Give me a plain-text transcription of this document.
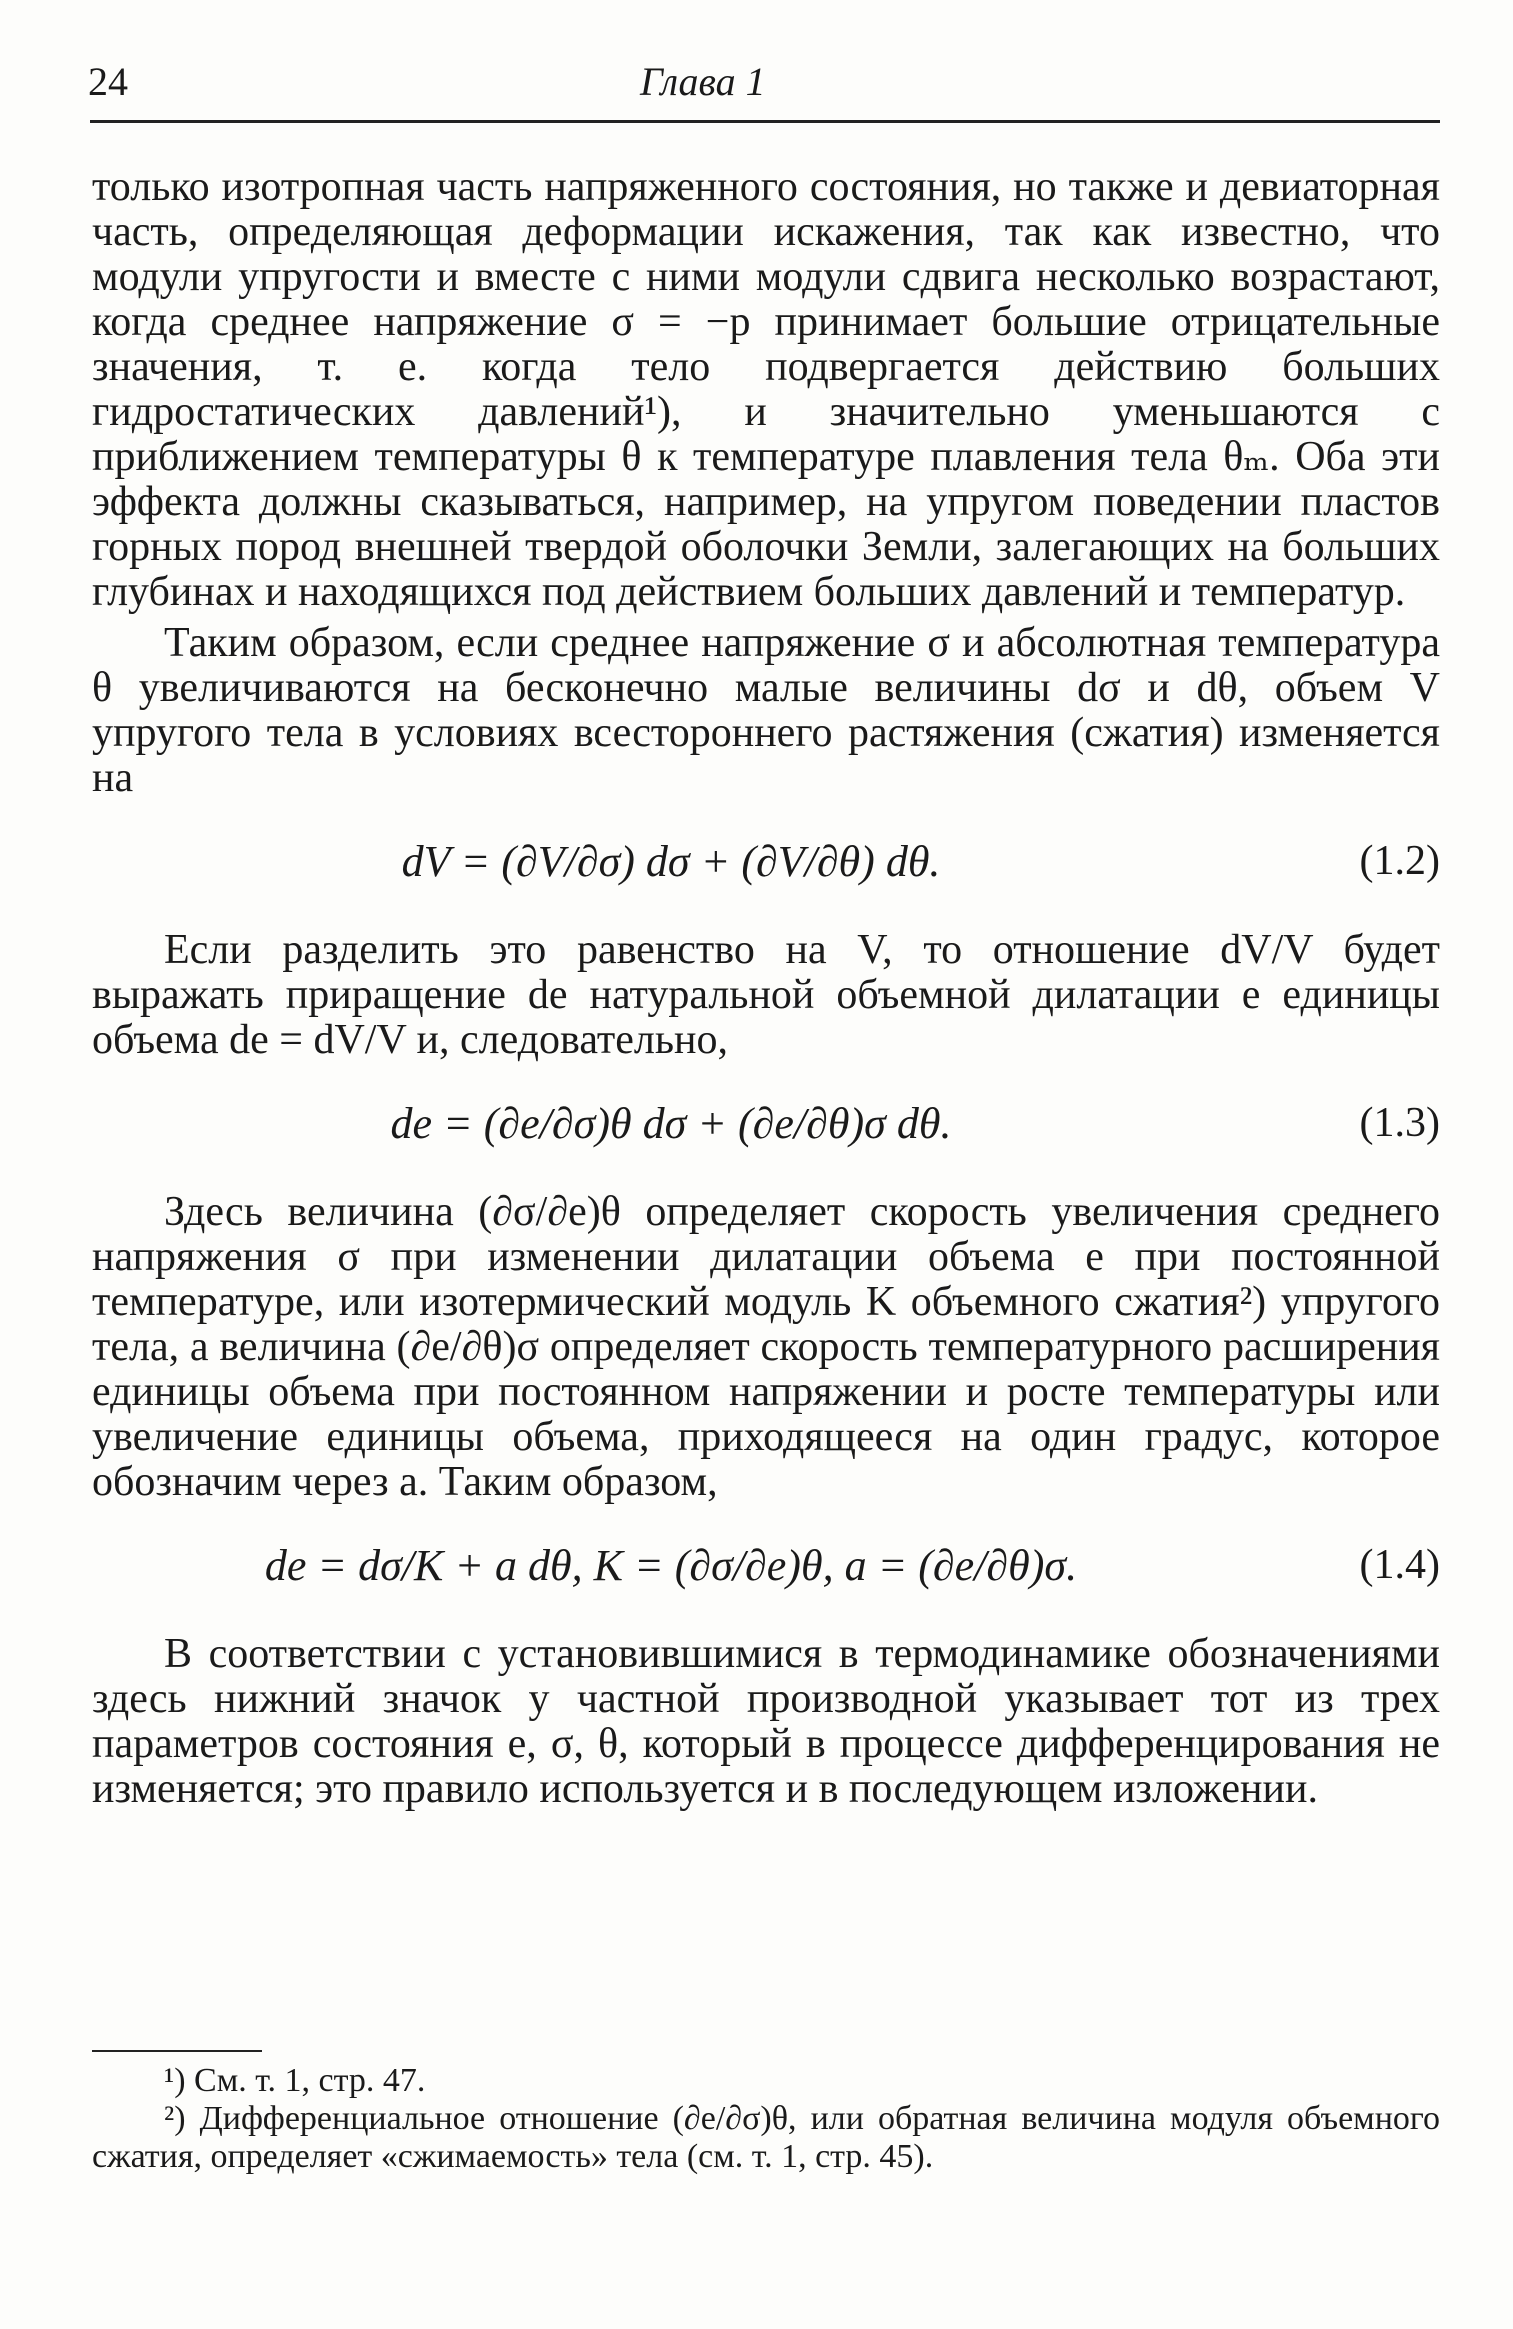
24	Глава 1

только изотропная часть напряженного состояния, но также и девиаторная часть, определяющая деформации искажения, так как известно, что модули упругости и вместе с ними модули сдвига несколько возрастают, когда среднее напряжение σ = −p принимает большие отрицательные значения, т. е. когда тело подвергается действию больших гидростатических давлений¹), и значительно уменьшаются с приближением температуры θ к температуре плавления тела θₘ. Оба эти эффекта должны сказываться, например, на упругом поведении пластов горных пород внешней твердой оболочки Земли, залегающих на больших глубинах и находящихся под действием больших давлений и температур.

Таким образом, если среднее напряжение σ и абсолютная температура θ увеличиваются на бесконечно малые величины dσ и dθ, объем V упругого тела в условиях всестороннего растяжения (сжатия) изменяется на

dV = (∂V/∂σ) dσ + (∂V/∂θ) dθ.	(1.2)

Если разделить это равенство на V, то отношение dV/V будет выражать приращение de натуральной объемной дилатации e единицы объема de = dV/V и, следовательно,

de = (∂e/∂σ)θ dσ + (∂e/∂θ)σ dθ.	(1.3)

Здесь величина (∂σ/∂e)θ определяет скорость увеличения среднего напряжения σ при изменении дилатации объема e при постоянной температуре, или изотермический модуль K объемного сжатия²) упругого тела, а величина (∂e/∂θ)σ определяет скорость температурного расширения единицы объема при постоянном напряжении и росте температуры или увеличение единицы объема, приходящееся на один градус, которое обозначим через a. Таким образом,

de = dσ/K + a dθ, K = (∂σ/∂e)θ, a = (∂e/∂θ)σ.	(1.4)

В соответствии с установившимися в термодинамике обозначениями здесь нижний значок у частной производной указывает тот из трех параметров состояния e, σ, θ, который в процессе дифференцирования не изменяется; это правило используется и в последующем изложении.

¹) См. т. 1, стр. 47.

²) Дифференциальное отношение (∂e/∂σ)θ, или обратная величина модуля объемного сжатия, определяет «сжимаемость» тела (см. т. 1, стр. 45).
